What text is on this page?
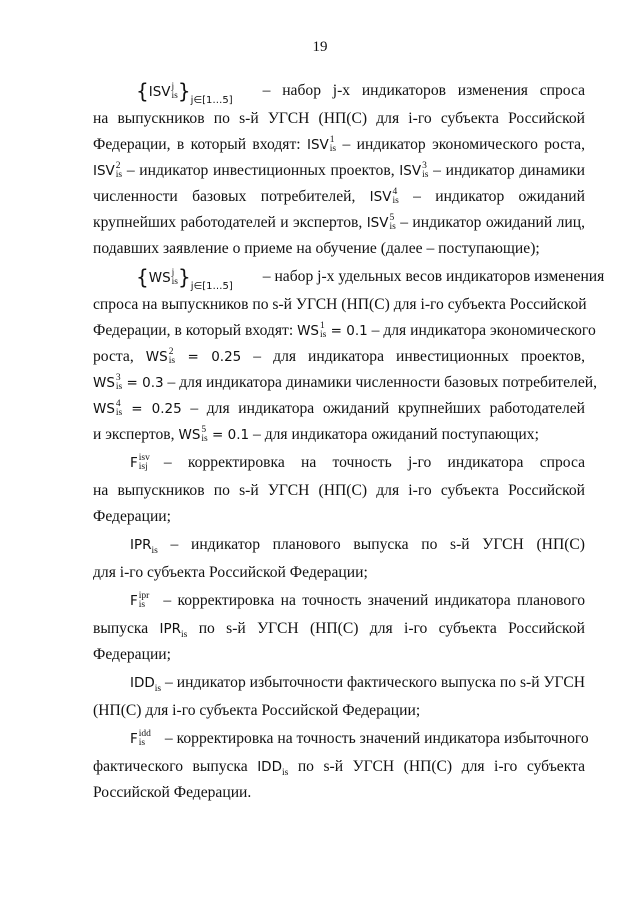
19
{ISV j
is }$_{j\in[1\dots 5]}$
– набор j-х индикаторов изменения спроса
на выпускников по s-й УГСН (НП(С) для i-го субъекта Российской
Федерации, в который входят: ISV 1
is – индикатор экономического роста,
ISV 2
is – индикатор инвестиционных проектов, ISV 3
is – индикатор динамики
численности базовых потребителей, ISV 4
is – индикатор ожиданий
крупнейших работодателей и экспертов, ISV 5
is – индикатор ожиданий лиц,
подавших заявление о приеме на обучение (далее – поступающие);
{WS j
is }$_{j\in[1\dots 5]}$
– набор j-х удельных весов индикаторов изменения
спроса на выпускников по s-й УГСН (НП(С) для i-го субъекта Российской
Федерации, в который входят: WS 1
is = 0.1 – для индикатора экономического
роста, WS 2
is = 0.25 – для индикатора инвестиционных проектов,
WS 3
is = 0.3 – для индикатора динамики численности базовых потребителей,
WS 4
is = 0.25 – для индикатора ожиданий крупнейших работодателей
и экспертов, WS 5
is = 0.1 – для индикатора ожиданий поступающих;
F isv
isj – корректировка на точность j-го индикатора спроса
на выпускников по s-й УГСН (НП(С) для i-го субъекта Российской
Федерации;
$IPR_{is}$ – индикатор планового выпуска по s-й УГСН (НП(С)
для i-го субъекта Российской Федерации;
F ipr
is – корректировка на точность значений индикатора планового
выпуска $IPR_{is}$ по s-й УГСН (НП(С) для i-го субъекта Российской
Федерации;
$IDD_{is}$ – индикатор избыточности фактического выпуска по s-й УГСН
(НП(С) для i-го субъекта Российской Федерации;
F idd
is	– корректировка на точность значений индикатора избыточного
фактического выпуска $IDD_{is}$ по s-й УГСН (НП(С) для i-го субъекта
Российской Федерации.
